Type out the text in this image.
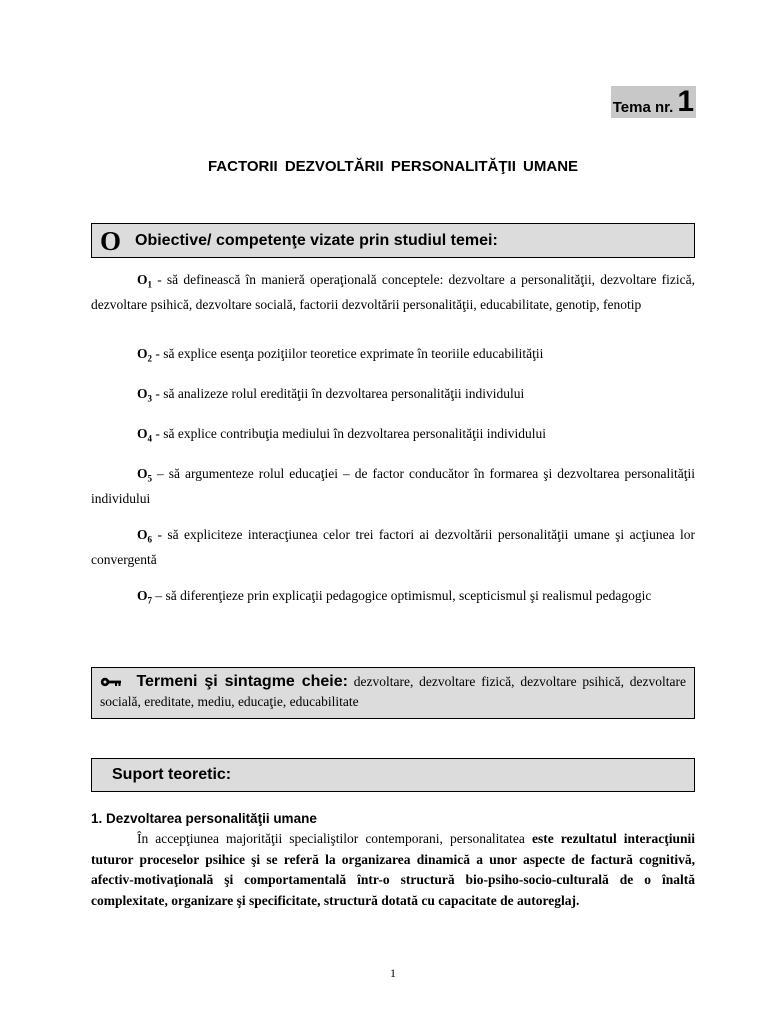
Tema nr. 1
FACTORII DEZVOLTĂRII PERSONALITĂŢII UMANE
O Obiective/ competenţe vizate prin studiul temei:
$O_1$ - să definească în manieră operaţională conceptele: dezvoltare a personalităţii, dezvoltare fizică, dezvoltare psihică, dezvoltare socială, factorii dezvoltării personalităţii, educabilitate, genotip, fenotip
$O_2$ - să explice esenţa poziţiilor teoretice exprimate în teoriile educabilităţii
$O_3$ - să analizeze rolul eredităţii în dezvoltarea personalităţii individului
$O_4$ - să explice contribuţia mediului în dezvoltarea personalităţii individului
$O_5$ – să argumenteze rolul educaţiei – de factor conducător în formarea şi dezvoltarea personalităţii individului
$O_6$ - să expliciteze interacţiunea celor trei factori ai dezvoltării personalităţii umane şi acţiunea lor convergentă
$O_7$ – să diferenţieze prin explicaţii pedagogice optimismul, scepticismul şi realismul pedagogic
Termeni şi sintagme cheie: dezvoltare, dezvoltare fizică, dezvoltare psihică, dezvoltare socială, ereditate, mediu, educaţie, educabilitate
Suport teoretic:
1. Dezvoltarea personalităţii umane
În accepţiunea majorităţii specialiştilor contemporani, personalitatea este rezultatul interacţiunii tuturor proceselor psihice şi se referă la organizarea dinamică a unor aspecte de factură cognitivă, afectiv-motivaţională şi comportamentală într-o structură bio-psiho-socio-culturală de o înaltă complexitate, organizare şi specificitate, structură dotată cu capacitate de autoreglaj.
1
